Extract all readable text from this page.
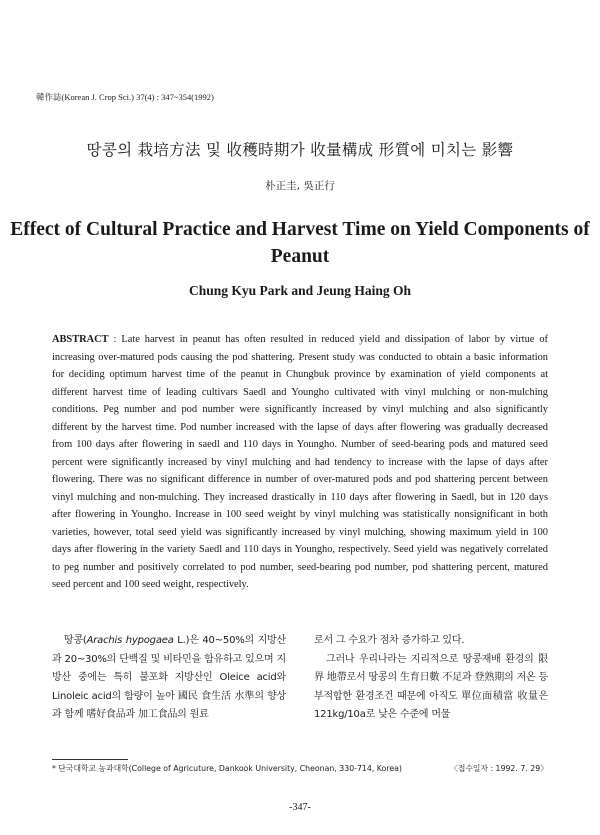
韓作誌(Korean J. Crop Sci.) 37(4) : 347~354(1992)
땅콩의 栽培方法 및 收穫時期가 收量構成 形質에 미치는 影響
朴正圭, 吳正行
Effect of Cultural Practice and Harvest Time on Yield Components of Peanut
Chung Kyu Park and Jeung Haing Oh
ABSTRACT : Late harvest in peanut has often resulted in reduced yield and dissipation of labor by virtue of increasing over-matured pods causing the pod shattering. Present study was conducted to obtain a basic information for deciding optimum harvest time of the peanut in Chungbuk province by examination of yield components at different harvest time of leading cultivars Saedl and Youngho cultivated with vinyl mulching or non-mulching conditions. Peg number and pod number were significantly increased by vinyl mulching and also significantly different by the harvest time. Pod number increased with the lapse of days after flowering was gradually decreased from 100 days after flowering in saedl and 110 days in Youngho. Number of seed-bearing pods and matured seed percent were significantly increased by vinyl mulching and had tendency to increase with the lapse of days after flowering. There was no significant difference in number of over-matured pods and pod shattering percent between vinyl mulching and non-mulching. They increased drastically in 110 days after flowering in Saedl, but in 120 days after flowering in Youngho. Increase in 100 seed weight by vinyl mulching was statistically nonsignificant in both varieties, however, total seed yield was significantly increased by vinyl mulching, showing maximum yield in 100 days after flowering in the variety Saedl and 110 days in Youngho, respectively. Seed yield was negatively correlated to peg number and positively correlated to pod number, seed-bearing pod number, pod shattering percent, matured seed percent and 100 seed weight, respectively.

땅콩(Arachis hypogaea L.)은 40~50%의 지방산과 20~30%의 단백질 및 비타민을 함유하고 있으며 지방산 중에는 특히 불포화 지방산인 Oleice acid와 Linoleic acid의 함량이 높아 國民 食生活 水準의 향상과 함께 嗜好食品과 加工食品의 원료

로서 그 수요가 점차 증가하고 있다.

그러나 우리나라는 지리적으로 땅콩재배 환경의 限界 地帶로서 땅콩의 生育日數 不足과 登熟期의 저온 등 부적합한 환경조건 때문에 아직도 單位面積當 收量은 121kg/10a로 낮은 수준에 머물

* 단국대학교 농과대학(College of Agricuture, Dankook University, Cheonan, 330-714, Korea)	〈접수일자 : 1992. 7. 29〉
-347-
